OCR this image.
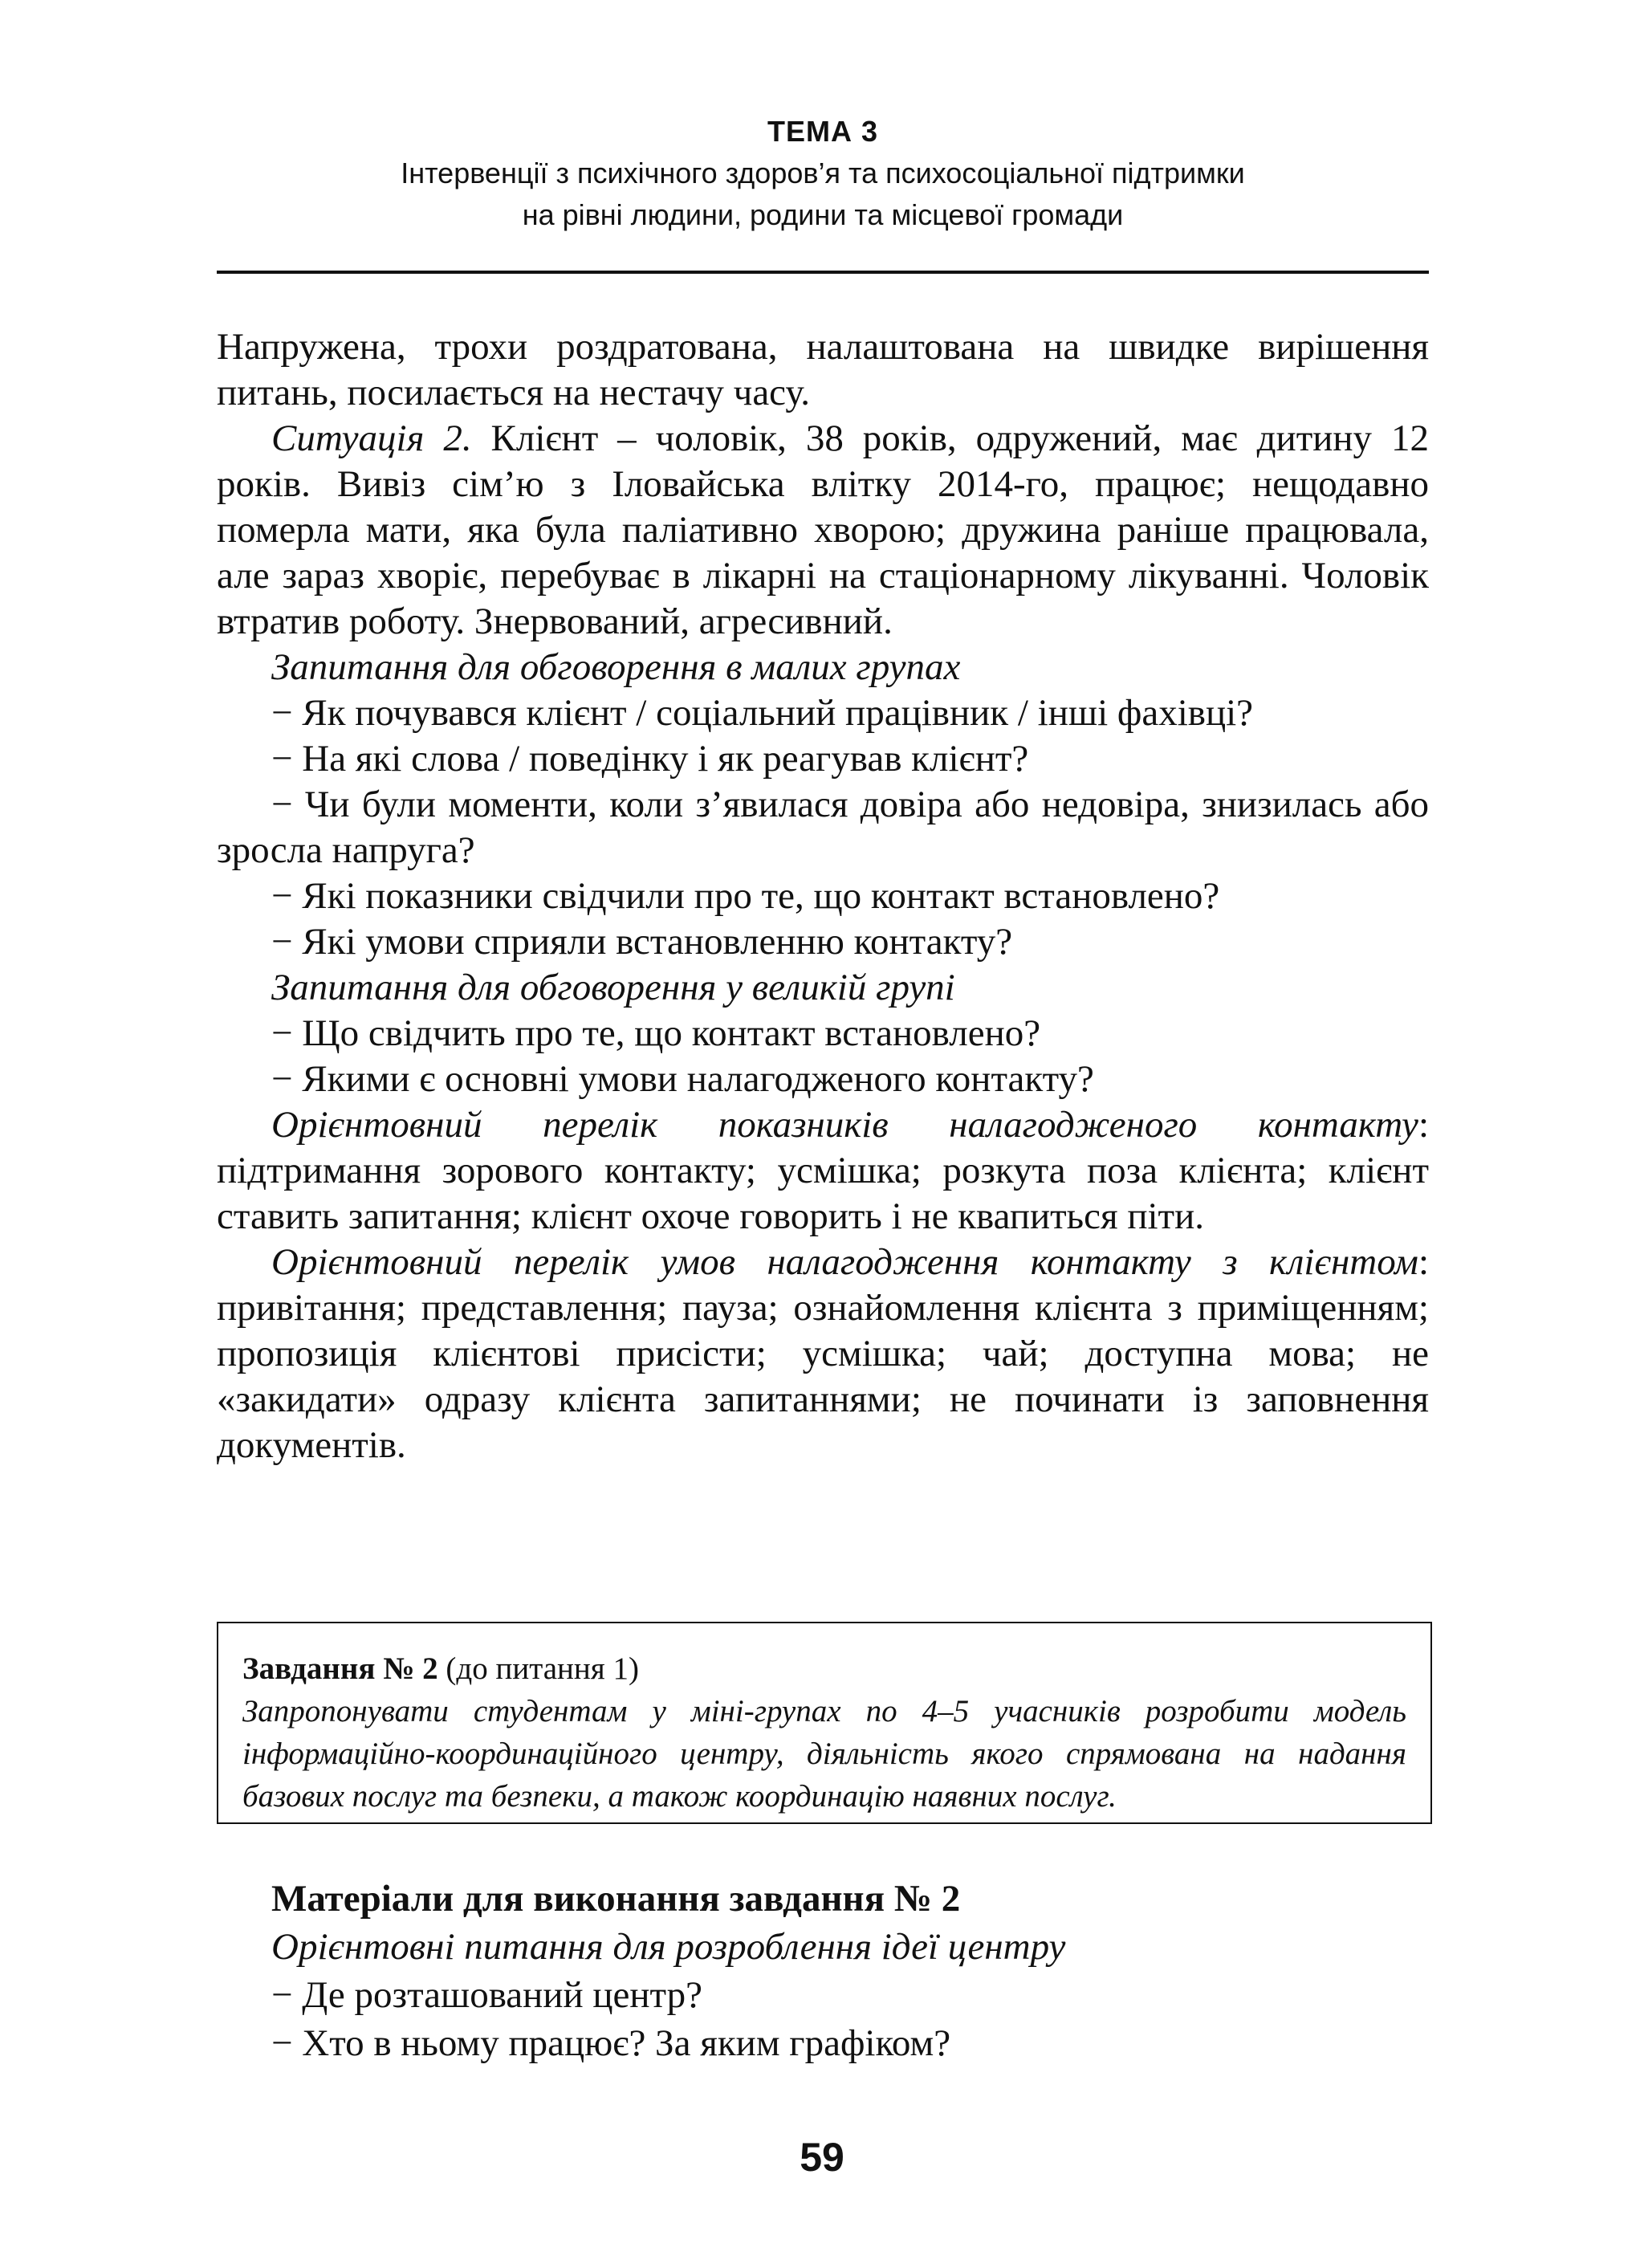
ТЕМА 3
Інтервенції з психічного здоров’я та психосоціальної підтримки
на рівні людини, родини та місцевої громади

Напружена, трохи роздратована, налаштована на швидке вирішення питань, посилається на нестачу часу.

Ситуація 2. Клієнт – чоловік, 38 років, одружений, має дитину 12 років. Вивіз сім’ю з Іловайська влітку 2014-го, працює; нещодавно померла мати, яка була паліативно хворою; дружина раніше працювала, але зараз хворіє, перебуває в лікарні на стаціонарному лікуванні. Чоловік втратив роботу. Знервований, агресивний.

Запитання для обговорення в малих групах

− Як почувався клієнт / соціальний працівник / інші фахівці?

− На які слова / поведінку і як реагував клієнт?

− Чи були моменти, коли з’явилася довіра або недовіра, знизилась або зросла напруга?

− Які показники свідчили про те, що контакт встановлено?

− Які умови сприяли встановленню контакту?

Запитання для обговорення у великій групі

− Що свідчить про те, що контакт встановлено?

− Якими є основні умови налагодженого контакту?

Орієнтовний перелік показників налагодженого контакту: підтримання зорового контакту; усмішка; розкута поза клієнта; клієнт ставить запитання; клієнт охоче говорить і не квапиться піти.

Орієнтовний перелік умов налагодження контакту з клієнтом: привітання; представлення; пауза; ознайомлення клієнта з приміщенням; пропозиція клієнтові присісти; усмішка; чай; доступна мова; не «закидати» одразу клієнта запитаннями; не починати із заповнення документів.

Завдання № 2 (до питання 1)

Запропонувати студентам у міні-групах по 4–5 учасників розробити модель інформаційно-координаційного центру, діяльність якого спрямована на надання базових послуг та безпеки, а також координацію наявних послуг.

Матеріали для виконання завдання № 2

Орієнтовні питання для розроблення ідеї центру

− Де розташований центр?

− Хто в ньому працює? За яким графіком?

59
